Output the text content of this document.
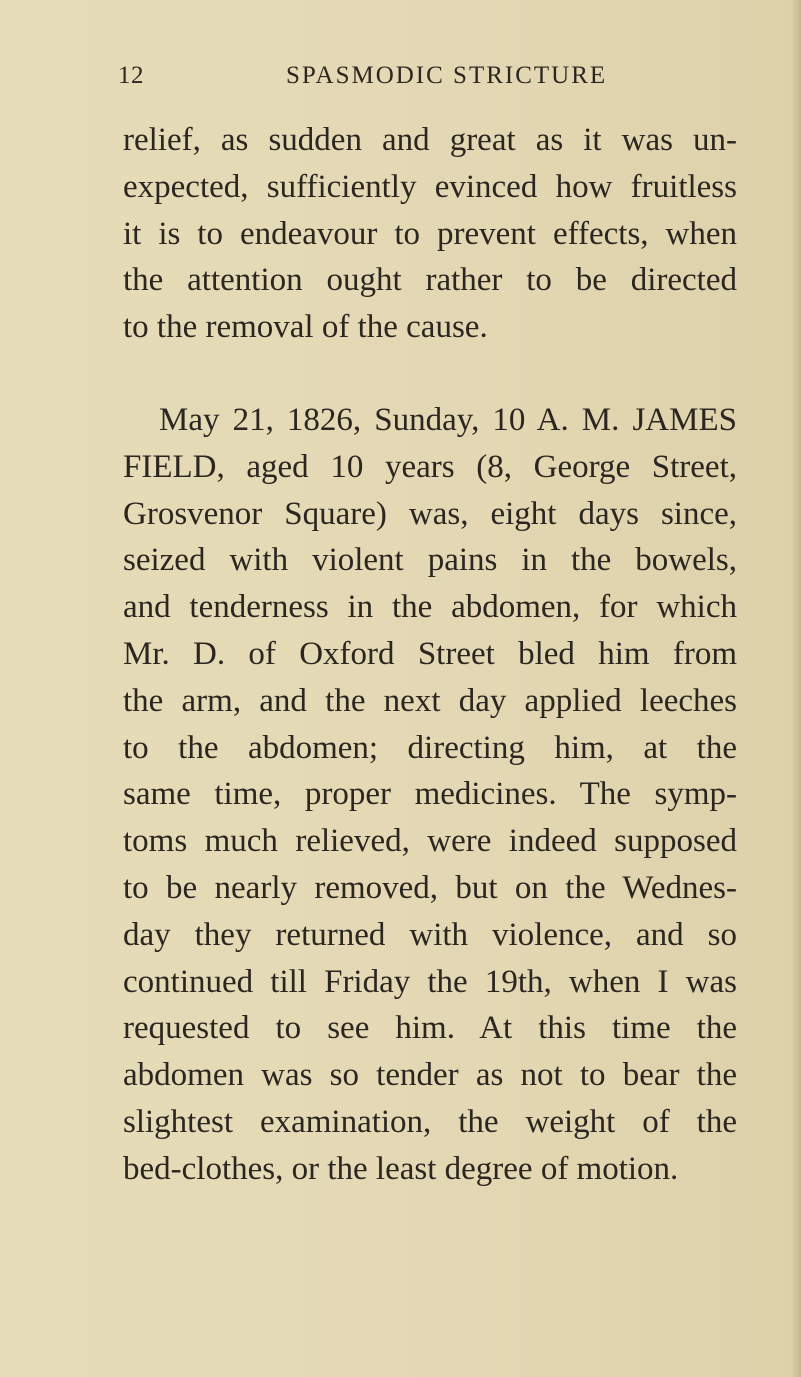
12	SPASMODIC STRICTURE
relief, as sudden and great as it was un-
expected, sufficiently evinced how fruitless
it is to endeavour to prevent effects, when
the attention ought rather to be directed
to the removal of the cause.
May 21, 1826, Sunday, 10 A. M. JAMES
FIELD, aged 10 years (8, George Street,
Grosvenor Square) was, eight days since,
seized with violent pains in the bowels,
and tenderness in the abdomen, for which
Mr. D. of Oxford Street bled him from
the arm, and the next day applied leeches
to the abdomen; directing him, at the
same time, proper medicines. The symp-
toms much relieved, were indeed supposed
to be nearly removed, but on the Wednes-
day they returned with violence, and so
continued till Friday the 19th, when I was
requested to see him. At this time the
abdomen was so tender as not to bear the
slightest examination, the weight of the
bed-clothes, or the least degree of motion.
